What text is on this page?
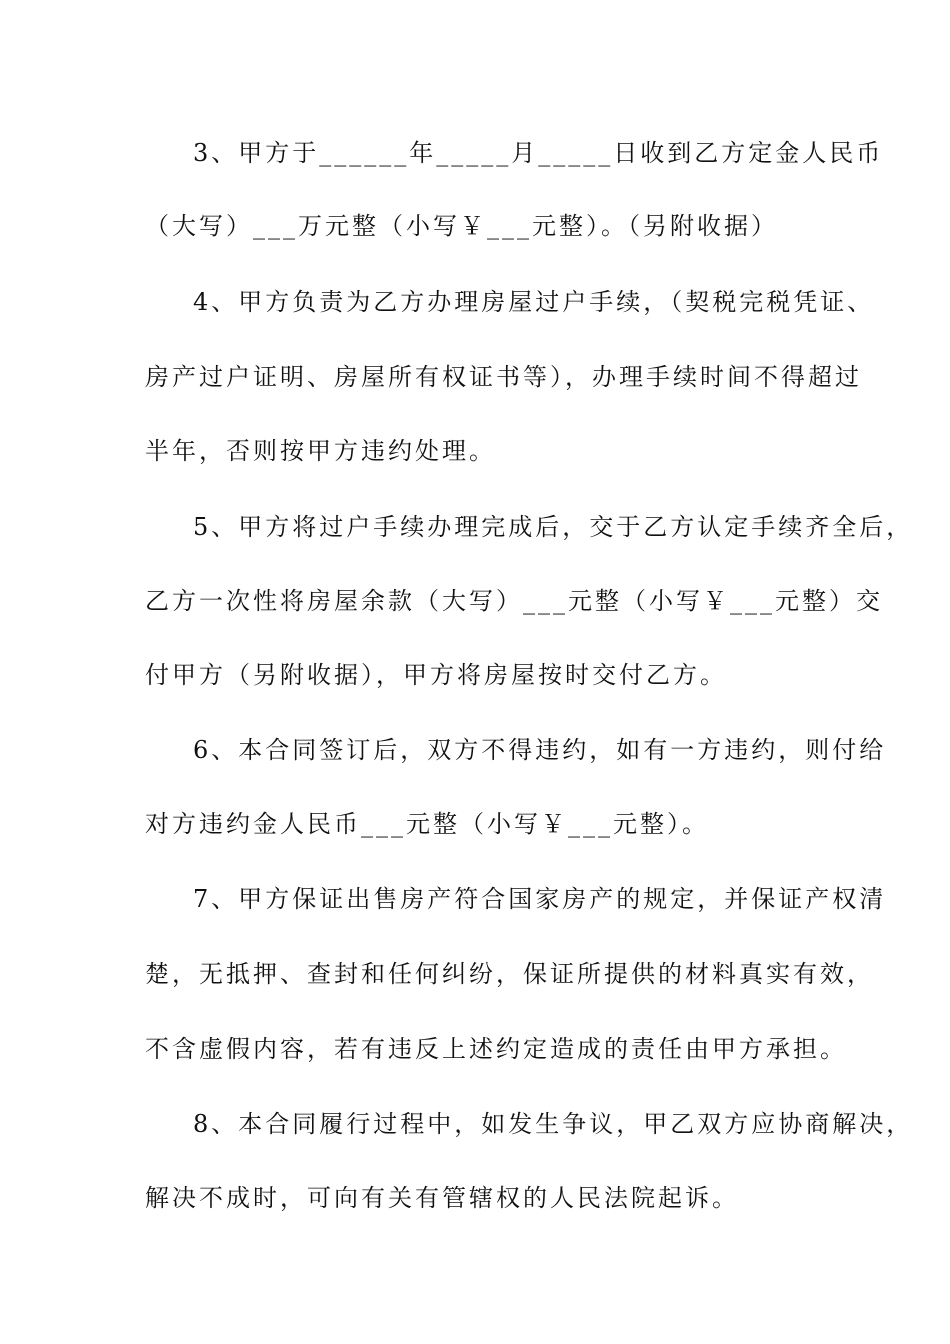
3、甲方于______年_____月_____日收到乙方定金人民币
（大写）___万元整（小写￥___元整）。（另附收据）
4、甲方负责为乙方办理房屋过户手续，（契税完税凭证、
房产过户证明、房屋所有权证书等），办理手续时间不得超过
半年，否则按甲方违约处理。
5、甲方将过户手续办理完成后，交于乙方认定手续齐全后，
乙方一次性将房屋余款（大写）___元整（小写￥___元整）交
付甲方（另附收据），甲方将房屋按时交付乙方。
6、本合同签订后，双方不得违约，如有一方违约，则付给
对方违约金人民币___元整（小写￥___元整）。
7、甲方保证出售房产符合国家房产的规定，并保证产权清
楚，无抵押、查封和任何纠纷，保证所提供的材料真实有效，
不含虚假内容，若有违反上述约定造成的责任由甲方承担。
8、本合同履行过程中，如发生争议，甲乙双方应协商解决，
解决不成时，可向有关有管辖权的人民法院起诉。
